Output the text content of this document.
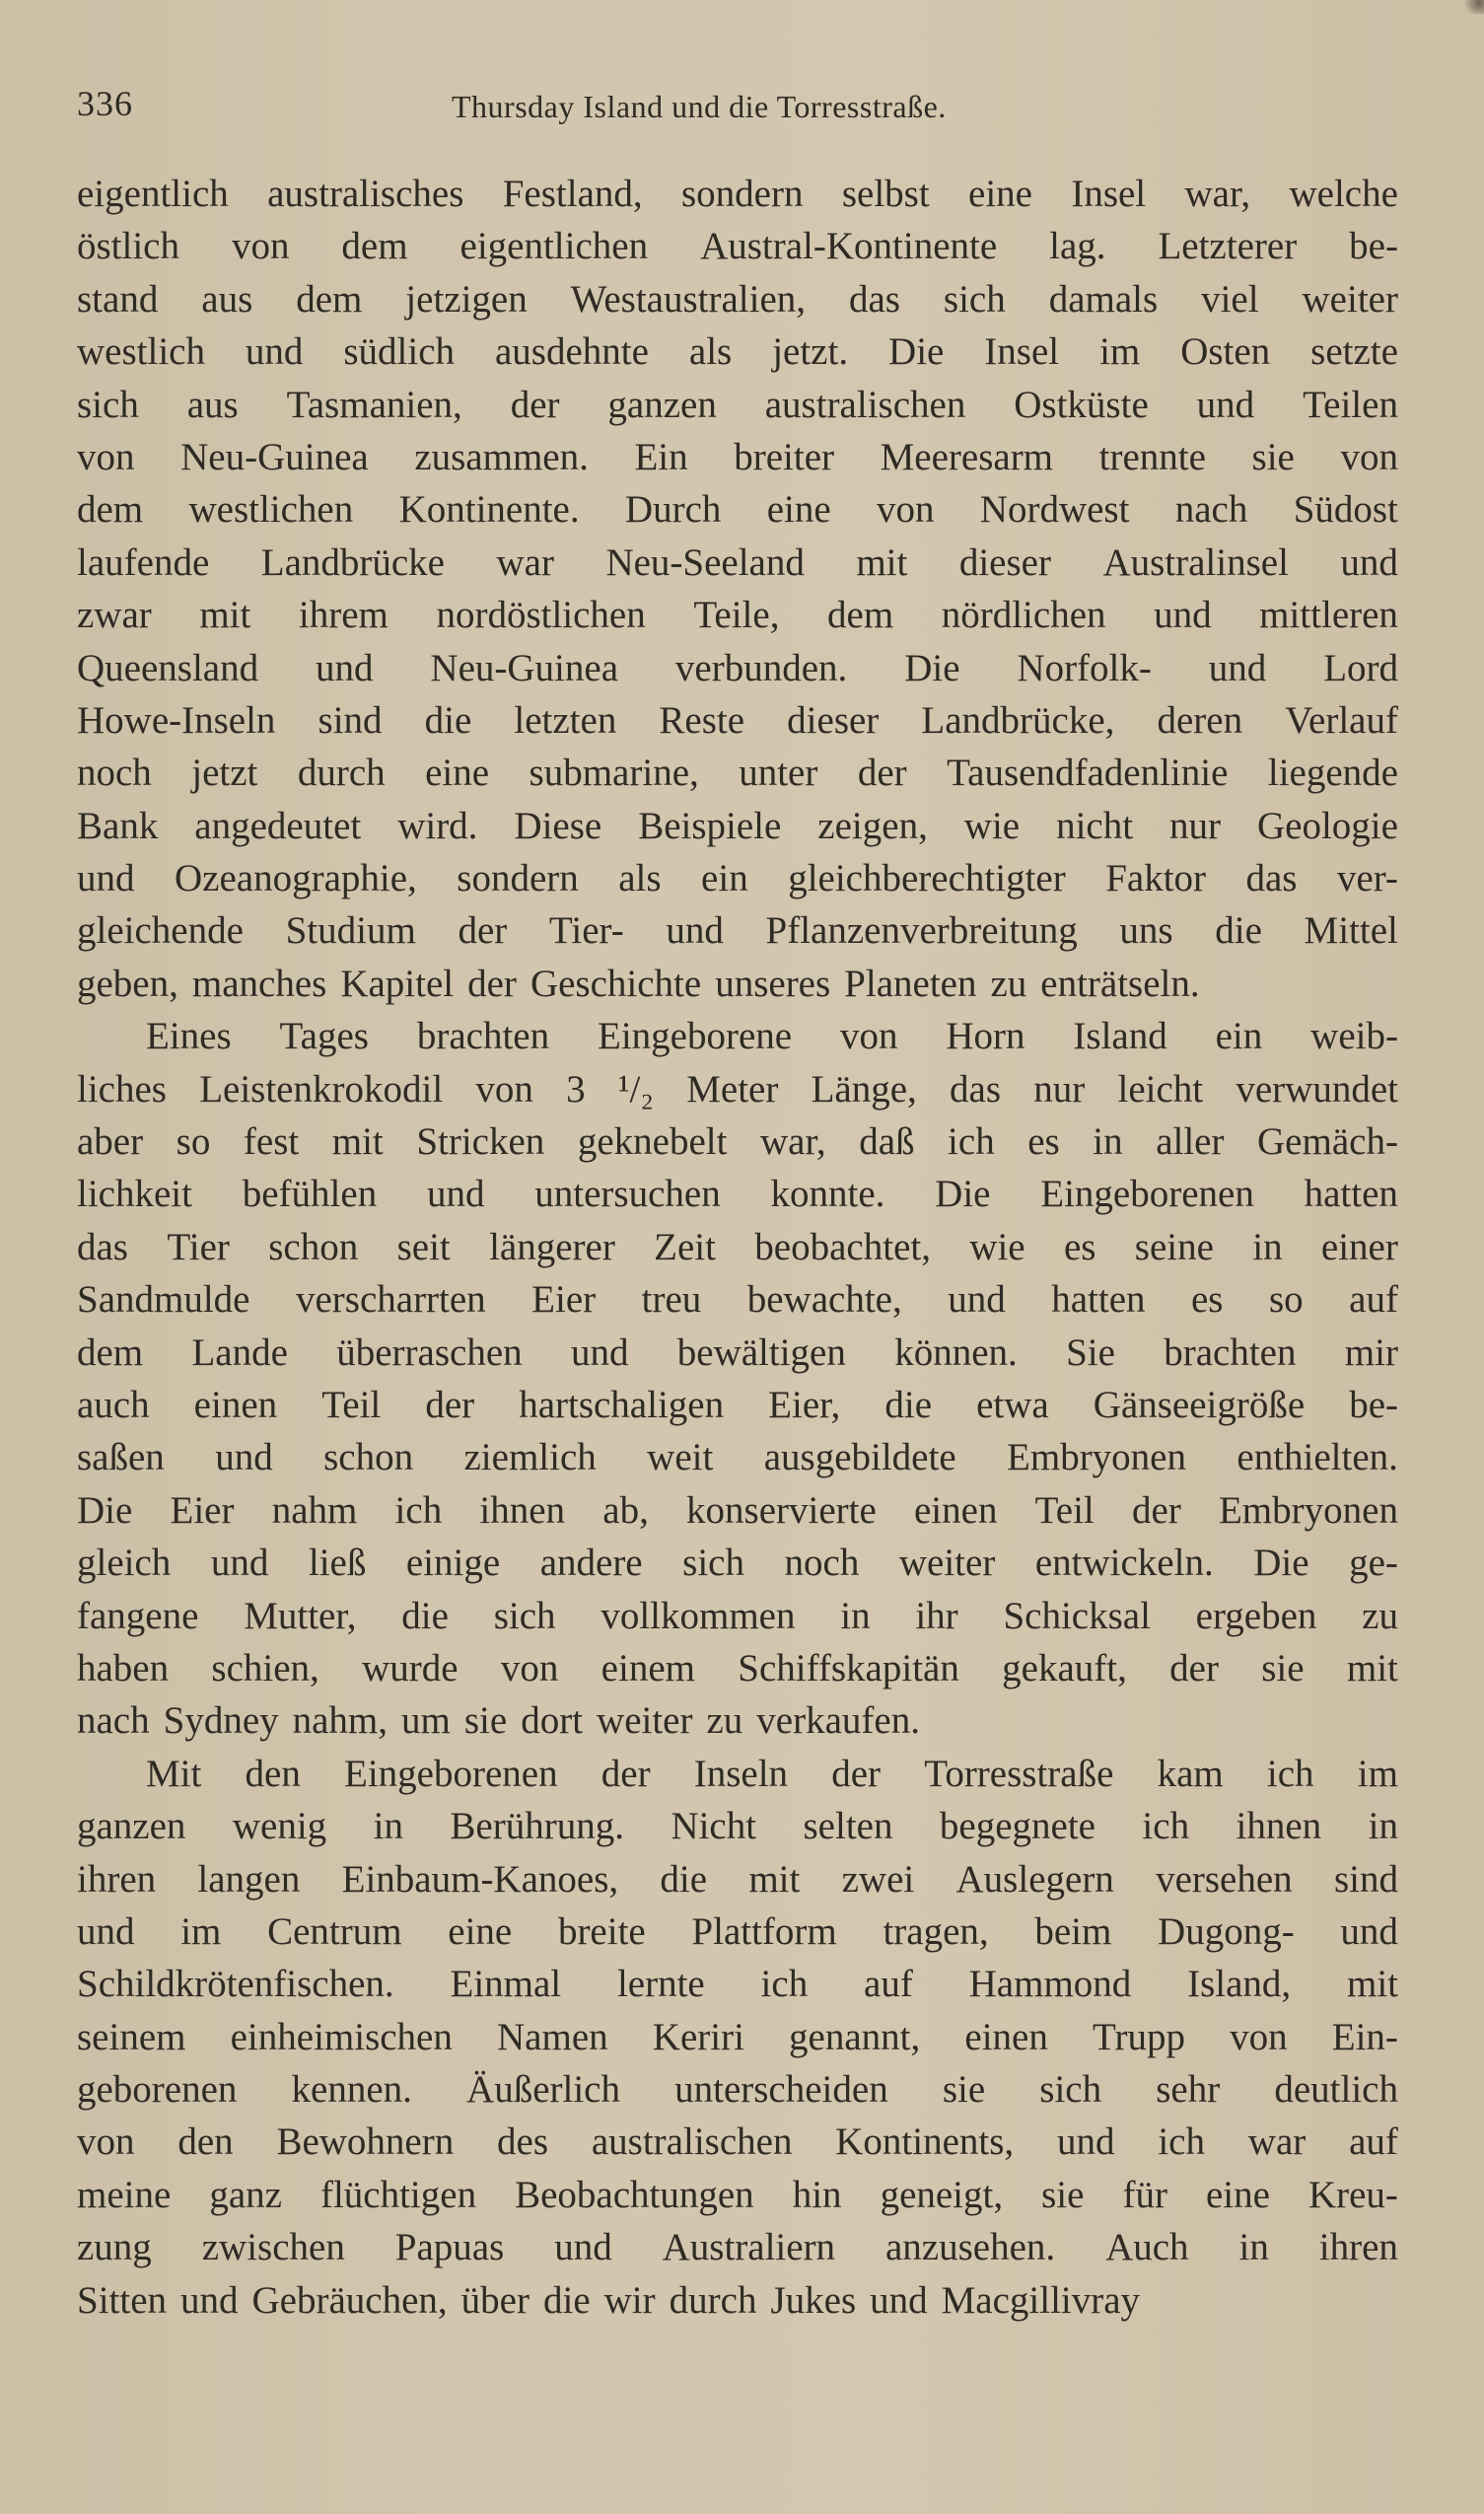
336	Thursday Island und die Torresstraße.
eigentlich australisches Festland, sondern selbst eine Insel war, welche
östlich von dem eigentlichen Austral-Kontinente lag. Letzterer be-
stand aus dem jetzigen Westaustralien, das sich damals viel weiter
westlich und südlich ausdehnte als jetzt. Die Insel im Osten setzte
sich aus Tasmanien, der ganzen australischen Ostküste und Teilen
von Neu-Guinea zusammen. Ein breiter Meeresarm trennte sie von
dem westlichen Kontinente. Durch eine von Nordwest nach Südost
laufende Landbrücke war Neu-Seeland mit dieser Australinsel und
zwar mit ihrem nordöstlichen Teile, dem nördlichen und mittleren
Queensland und Neu-Guinea verbunden. Die Norfolk- und Lord
Howe-Inseln sind die letzten Reste dieser Landbrücke, deren Verlauf
noch jetzt durch eine submarine, unter der Tausendfadenlinie liegende
Bank angedeutet wird. Diese Beispiele zeigen, wie nicht nur Geologie
und Ozeanographie, sondern als ein gleichberechtigter Faktor das ver-
gleichende Studium der Tier- und Pflanzenverbreitung uns die Mittel
geben, manches Kapitel der Geschichte unseres Planeten zu enträtseln.
Eines Tages brachten Eingeborene von Horn Island ein weib-
liches Leistenkrokodil von 3 ¹/₂ Meter Länge, das nur leicht verwundet
aber so fest mit Stricken geknebelt war, daß ich es in aller Gemäch-
lichkeit befühlen und untersuchen konnte. Die Eingeborenen hatten
das Tier schon seit längerer Zeit beobachtet, wie es seine in einer
Sandmulde verscharrten Eier treu bewachte, und hatten es so auf
dem Lande überraschen und bewältigen können. Sie brachten mir
auch einen Teil der hartschaligen Eier, die etwa Gänseeigröße be-
saßen und schon ziemlich weit ausgebildete Embryonen enthielten.
Die Eier nahm ich ihnen ab, konservierte einen Teil der Embryonen
gleich und ließ einige andere sich noch weiter entwickeln. Die ge-
fangene Mutter, die sich vollkommen in ihr Schicksal ergeben zu
haben schien, wurde von einem Schiffskapitän gekauft, der sie mit
nach Sydney nahm, um sie dort weiter zu verkaufen.
Mit den Eingeborenen der Inseln der Torresstraße kam ich im
ganzen wenig in Berührung. Nicht selten begegnete ich ihnen in
ihren langen Einbaum-Kanoes, die mit zwei Auslegern versehen sind
und im Centrum eine breite Plattform tragen, beim Dugong- und
Schildkrötenfischen. Einmal lernte ich auf Hammond Island, mit
seinem einheimischen Namen Keriri genannt, einen Trupp von Ein-
geborenen kennen. Äußerlich unterscheiden sie sich sehr deutlich
von den Bewohnern des australischen Kontinents, und ich war auf
meine ganz flüchtigen Beobachtungen hin geneigt, sie für eine Kreu-
zung zwischen Papuas und Australiern anzusehen. Auch in ihren
Sitten und Gebräuchen, über die wir durch Jukes und Macgillivray
